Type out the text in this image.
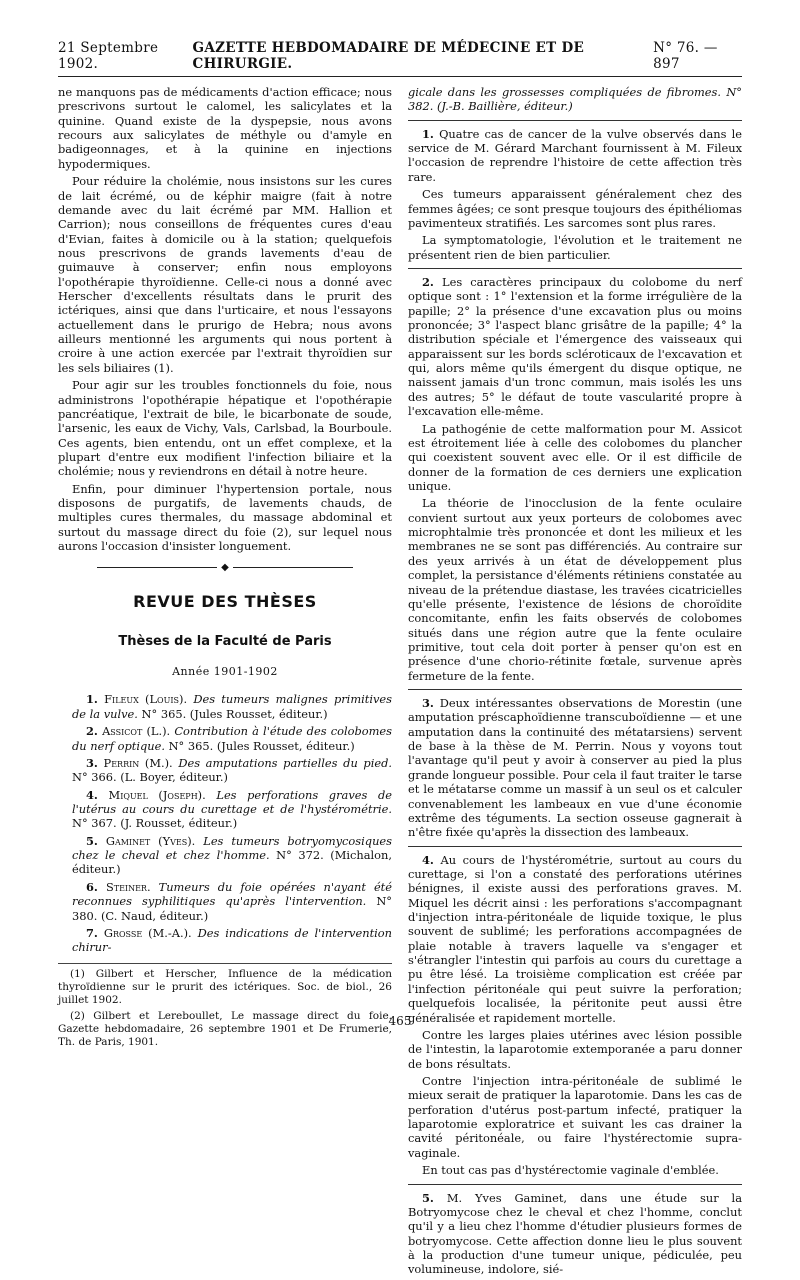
21 Septembre 1902.
GAZETTE HEBDOMADAIRE DE MÉDECINE ET DE CHIRURGIE.
N° 76. — 897

ne manquons pas de médicaments d'action efficace; nous prescrivons surtout le calomel, les salicylates et la quinine. Quand existe de la dyspepsie, nous avons recours aux salicylates de méthyle ou d'amyle en badigeonnages, et à la quinine en injections hypodermiques.

Pour réduire la cholémie, nous insistons sur les cures de lait écrémé, ou de képhir maigre (fait à notre demande avec du lait écrémé par MM. Hallion et Carrion); nous conseillons de fréquentes cures d'eau d'Evian, faites à domicile ou à la station; quelquefois nous prescrivons de grands lavements d'eau de guimauve à conserver; enfin nous employons l'opothérapie thyroïdienne. Celle-ci nous a donné avec Herscher d'excellents résultats dans le prurit des ictériques, ainsi que dans l'urticaire, et nous l'essayons actuellement dans le prurigo de Hebra; nous avons ailleurs mentionné les arguments qui nous portent à croire à une action exercée par l'extrait thyroïdien sur les sels biliaires (1).

Pour agir sur les troubles fonctionnels du foie, nous administrons l'opothérapie hépatique et l'opothérapie pancréatique, l'extrait de bile, le bicarbonate de soude, l'arsenic, les eaux de Vichy, Vals, Carlsbad, la Bourboule. Ces agents, bien entendu, ont un effet complexe, et la plupart d'entre eux modifient l'infection biliaire et la cholémie; nous y reviendrons en détail à notre heure.

Enfin, pour diminuer l'hypertension portale, nous disposons de purgatifs, de lavements chauds, de multiples cures thermales, du massage abdominal et surtout du massage direct du foie (2), sur lequel nous aurons l'occasion d'insister longuement.

◆
REVUE DES THÈSES
Thèses de la Faculté de Paris
Année 1901-1902

1. Fileux (Louis). Des tumeurs malignes primitives de la vulve. N° 365. (Jules Rousset, éditeur.)

2. Assicot (L.). Contribution à l'étude des colobomes du nerf optique. N° 365. (Jules Rousset, éditeur.)

3. Perrin (M.). Des amputations partielles du pied. N° 366. (L. Boyer, éditeur.)

4. Miquel (Joseph). Les perforations graves de l'utérus au cours du curettage et de l'hystérométrie. N° 367. (J. Rousset, éditeur.)

5. Gaminet (Yves). Les tumeurs botryomycosiques chez le cheval et chez l'homme. N° 372. (Michalon, éditeur.)

6. Steiner. Tumeurs du foie opérées n'ayant été reconnues syphilitiques qu'après l'intervention. N° 380. (C. Naud, éditeur.)

7. Grosse (M.-A.). Des indications de l'intervention chirur-

(1) Gilbert et Herscher, Influence de la médication thyroïdienne sur le prurit des ictériques. Soc. de biol., 26 juillet 1902.

(2) Gilbert et Lereboullet, Le massage direct du foie. Gazette hebdomadaire, 26 septembre 1901 et De Frumerie, Th. de Paris, 1901.

gicale dans les grossesses compliquées de fibromes. N° 382. (J.-B. Baillière, éditeur.)

1. Quatre cas de cancer de la vulve observés dans le service de M. Gérard Marchant fournissent à M. Fileux l'occasion de reprendre l'histoire de cette affection très rare.

Ces tumeurs apparaissent généralement chez des femmes âgées; ce sont presque toujours des épithéliomas pavimenteux stratifiés. Les sarcomes sont plus rares.

La symptomatologie, l'évolution et le traitement ne présentent rien de bien particulier.

2. Les caractères principaux du colobome du nerf optique sont : 1° l'extension et la forme irrégulière de la papille; 2° la présence d'une excavation plus ou moins prononcée; 3° l'aspect blanc grisâtre de la papille; 4° la distribution spéciale et l'émergence des vaisseaux qui apparaissent sur les bords scléroticaux de l'excavation et qui, alors même qu'ils émergent du disque optique, ne naissent jamais d'un tronc commun, mais isolés les uns des autres; 5° le défaut de toute vascularité propre à l'excavation elle-même.

La pathogénie de cette malformation pour M. Assicot est étroitement liée à celle des colobomes du plancher qui coexistent souvent avec elle. Or il est difficile de donner de la formation de ces derniers une explication unique.

La théorie de l'inocclusion de la fente oculaire convient surtout aux yeux porteurs de colobomes avec microphtalmie très prononcée et dont les milieux et les membranes ne se sont pas différenciés. Au contraire sur des yeux arrivés à un état de développement plus complet, la persistance d'éléments rétiniens constatée au niveau de la prétendue diastase, les travées cicatricielles qu'elle présente, l'existence de lésions de choroïdite concomitante, enfin les faits observés de colobomes situés dans une région autre que la fente oculaire primitive, tout cela doit porter à penser qu'on est en présence d'une chorio-rétinite fœtale, survenue après fermeture de la fente.

3. Deux intéressantes observations de Morestin (une amputation préscaphoïdienne transcuboïdienne — et une amputation dans la continuité des métatarsiens) servent de base à la thèse de M. Perrin. Nous y voyons tout l'avantage qu'il peut y avoir à conserver au pied la plus grande longueur possible. Pour cela il faut traiter le tarse et le métatarse comme un massif à un seul os et calculer convenablement les lambeaux en vue d'une économie extrême des téguments. La section osseuse gagnerait à n'être fixée qu'après la dissection des lambeaux.

4. Au cours de l'hystérométrie, surtout au cours du curettage, si l'on a constaté des perforations utérines bénignes, il existe aussi des perforations graves. M. Miquel les décrit ainsi : les perforations s'accompagnant d'injection intra-péritonéale de liquide toxique, le plus souvent de sublimé; les perforations accompagnées de plaie notable à travers laquelle va s'engager et s'étrangler l'intestin qui parfois au cours du curettage a pu être lésé. La troisième complication est créée par l'infection péritonéale qui peut suivre la perforation; quelquefois localisée, la péritonite peut aussi être généralisée et rapidement mortelle.

Contre les larges plaies utérines avec lésion possible de l'intestin, la laparotomie extemporanée a paru donner de bons résultats.

Contre l'injection intra-péritonéale de sublimé le mieux serait de pratiquer la laparotomie. Dans les cas de perforation d'utérus post-partum infecté, pratiquer la laparotomie exploratrice et suivant les cas drainer la cavité péritonéale, ou faire l'hystérectomie supra-vaginale.

En tout cas pas d'hystérectomie vaginale d'emblée.

5. M. Yves Gaminet, dans une étude sur la Botryomycose chez le cheval et chez l'homme, conclut qu'il y a lieu chez l'homme d'étudier plusieurs formes de botryomycose. Cette affection donne lieu le plus souvent à la production d'une tumeur unique, pédiculée, peu volumineuse, indolore, sié-

465
